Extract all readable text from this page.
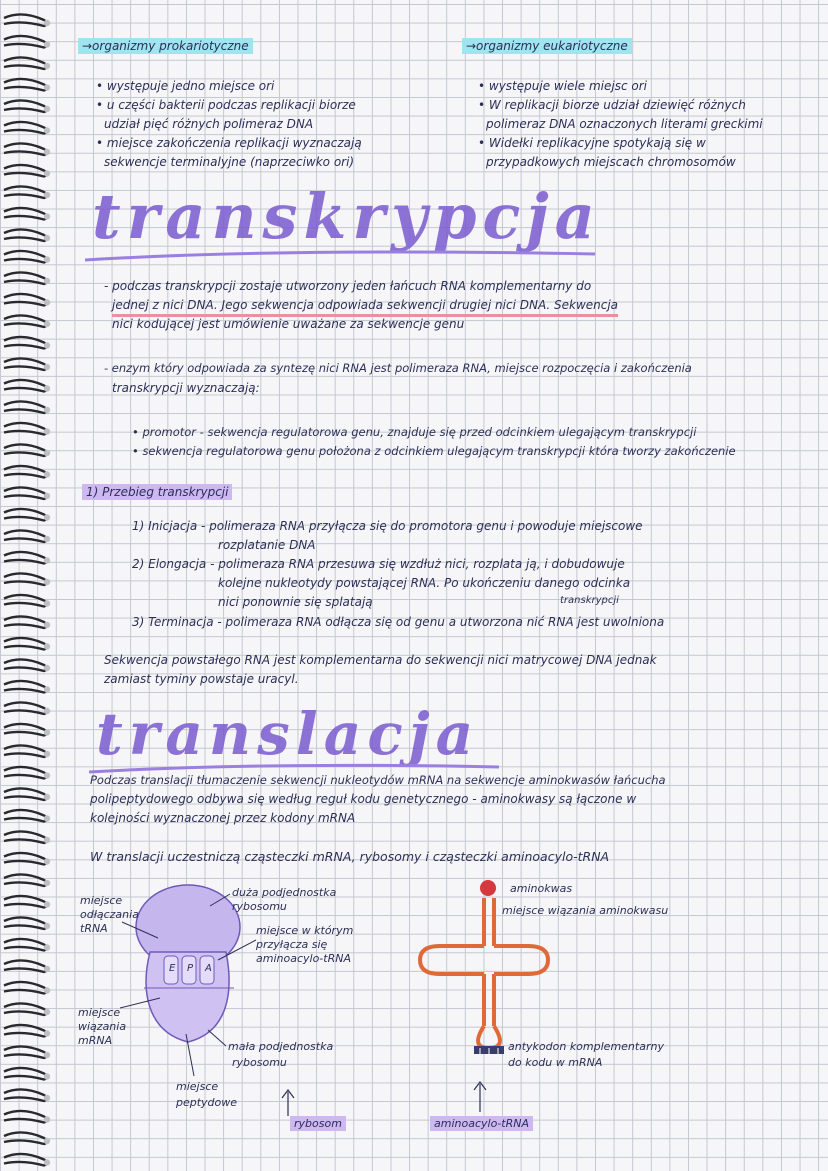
→organizmy prokariotyczne
• występuje jedno miejsce ori
• u części bakterii podczas replikacji biorze
udział pięć różnych polimeraz DNA
• miejsce zakończenia replikacji wyznaczają
sekwencje terminalyjne (naprzeciwko ori)
→organizmy eukariotyczne
• występuje wiele miejsc ori
• W replikacji biorze udział dziewięć różnych
polimeraz DNA oznaczonych literami greckimi
• Widełki replikacyjne spotykają się w
przypadkowych miejscach chromosomów
transkrypcja
- podczas transkrypcji zostaje utworzony jeden łańcuch RNA komplementarny do
jednej z nici DNA. Jego sekwencja odpowiada sekwencji drugiej nici DNA. Sekwencja
nici kodującej jest umówienie uważane za sekwencje genu
- enzym który odpowiada za syntezę nici RNA jest polimeraza RNA, miejsce rozpoczęcia i zakończenia
transkrypcji wyznaczają:
• promotor - sekwencja regulatorowa genu, znajduje się przed odcinkiem ulegającym transkrypcji
• sekwencja regulatorowa genu położona z odcinkiem ulegającym transkrypcji która tworzy zakończenie
1) Przebieg transkrypcji
1) Inicjacja - polimeraza RNA przyłącza się do promotora genu i powoduje miejscowe
rozplatanie DNA
2) Elongacja - polimeraza RNA przesuwa się wzdłuż nici, rozplata ją, i dobudowuje
kolejne nukleotydy powstającej RNA. Po ukończeniu danego odcinka
nici ponownie się splatają	transkrypcji
3) Terminacja - polimeraza RNA odłącza się od genu a utworzona nić RNA jest uwolniona
Sekwencja powstałego RNA jest komplementarna do sekwencji nici matrycowej DNA jednak
zamiast tyminy powstaje uracyl.
translacja
Podczas translacji tłumaczenie sekwencji nukleotydów mRNA na sekwencje aminokwasów łańcucha
polipeptydowego odbywa się według reguł kodu genetycznego - aminokwasy są łączone w
kolejności wyznaczonej przez kodony mRNA
W translacji uczestniczą cząsteczki mRNA, rybosomy i cząsteczki aminoacylo-tRNA
E P A
miejsce
odłączania
tRNA
duża podjednostka
rybosomu
miejsce w którym
przyłącza się
aminoacylo-tRNA
miejsce
wiązania
mRNA	mała podjednostka
rybosomu
miejsce
peptydowe
rybosom
aminokwas
miejsce wiązania aminokwasu
antykodon komplementarny
do kodu w mRNA
aminoacylo-tRNA
